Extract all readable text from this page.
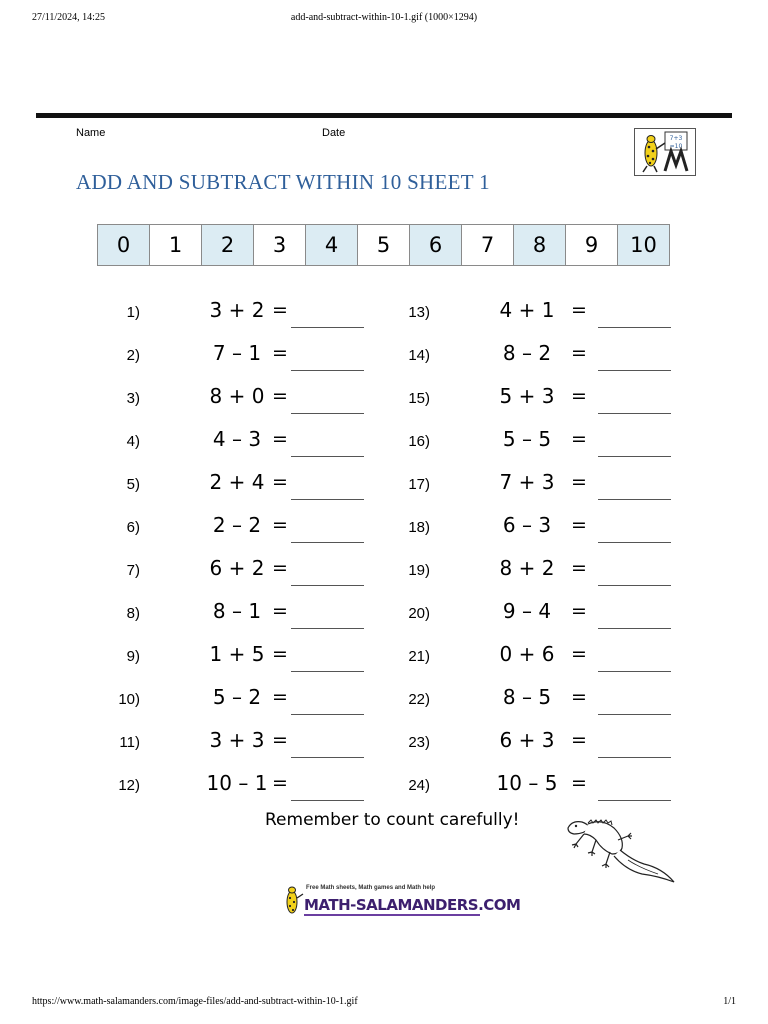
27/11/2024, 14:25	add-and-subtract-within-10-1.gif (1000×1294)
Name	Date	7+3
=10
ADD AND SUBTRACT WITHIN 10 SHEET 1
0	1	2	3	4	5	6	7	8	9	10
1)	3 + 2 =
2)	7 – 1 =
3)	8 + 0 =
4)	4 – 3 =
5)	2 + 4 =
6)	2 – 2 =
7)	6 + 2 =
8)	8 – 1 =
9)	1 + 5 =
10)	5 – 2 =
11)	3 + 3 =
12)	10 – 1 =
13)	4 + 1 =
14)	8 – 2	=
15)	5 + 3 =
16)	5 – 5	=
17)	7 + 3 =
18)	6 – 3	=
19)	8 + 2 =
20)	9 – 4	=
21)	0 + 6 =
22)	8 – 5	=
23)	6 + 3 =
24)	10 – 5 =
Remember to count carefully!
Free Math sheets, Math games and Math help
MATH-SALAMANDERS.COM
https://www.math-salamanders.com/image-files/add-and-subtract-within-10-1.gif	1/1
